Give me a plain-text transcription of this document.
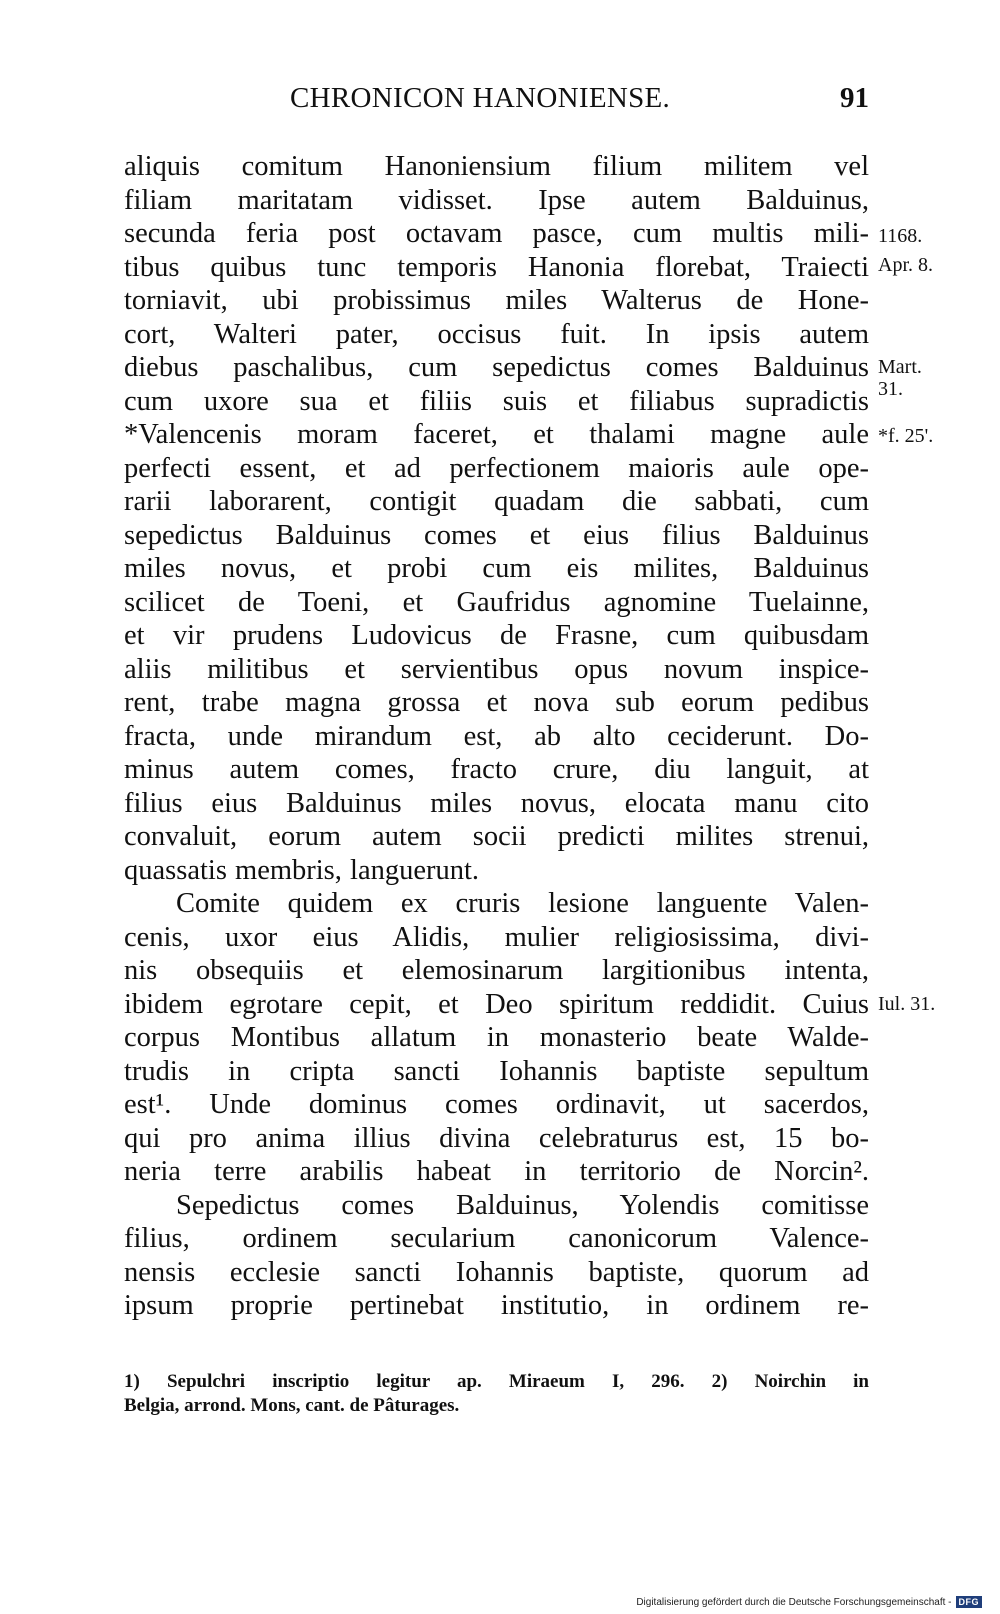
CHRONICON HANONIENSE.	91
aliquis comitum Hanoniensium filium militem vel
filiam maritatam vidisset. Ipse autem Balduinus,
secunda feria post octavam pasce, cum multis mili-
tibus quibus tunc temporis Hanonia florebat, Traiecti
torniavit, ubi probissimus miles Walterus de Hone-
cort, Walteri pater, occisus fuit. In ipsis autem
diebus paschalibus, cum sepedictus comes Balduinus
cum uxore sua et filiis suis et filiabus supradictis
*Valencenis moram faceret, et thalami magne aule
perfecti essent, et ad perfectionem maioris aule ope-
rarii laborarent, contigit quadam die sabbati, cum
sepedictus Balduinus comes et eius filius Balduinus
miles novus, et probi cum eis milites, Balduinus
scilicet de Toeni, et Gaufridus agnomine Tuelainne,
et vir prudens Ludovicus de Frasne, cum quibusdam
aliis militibus et servientibus opus novum inspice-
rent, trabe magna grossa et nova sub eorum pedibus
fracta, unde mirandum est, ab alto ceciderunt. Do-
minus autem comes, fracto crure, diu languit, at
filius eius Balduinus miles novus, elocata manu cito
convaluit, eorum autem socii predicti milites strenui,
quassatis membris, languerunt.
Comite quidem ex cruris lesione languente Valen-
cenis, uxor eius Alidis, mulier religiosissima, divi-
nis obsequiis et elemosinarum largitionibus intenta,
ibidem egrotare cepit, et Deo spiritum reddidit. Cuius
corpus Montibus allatum in monasterio beate Walde-
trudis in cripta sancti Iohannis baptiste sepultum
est¹. Unde dominus comes ordinavit, ut sacerdos,
qui pro anima illius divina celebraturus est, 15 bo-
neria terre arabilis habeat in territorio de Norcin².
Sepedictus comes Balduinus, Yolendis comitisse
filius, ordinem secularium canonicorum Valence-
nensis ecclesie sancti Iohannis baptiste, quorum ad
ipsum proprie pertinebat institutio, in ordinem re-
1168.
Apr. 8.
Mart.
31.
*f. 25'.
Iul. 31.
1) Sepulchri inscriptio legitur ap. Miraeum I, 296. 2) Noirchin in
Belgia, arrond. Mons, cant. de Pâturages.
Digitalisierung gefördert durch die Deutsche Forschungsgemeinschaft - DFG
